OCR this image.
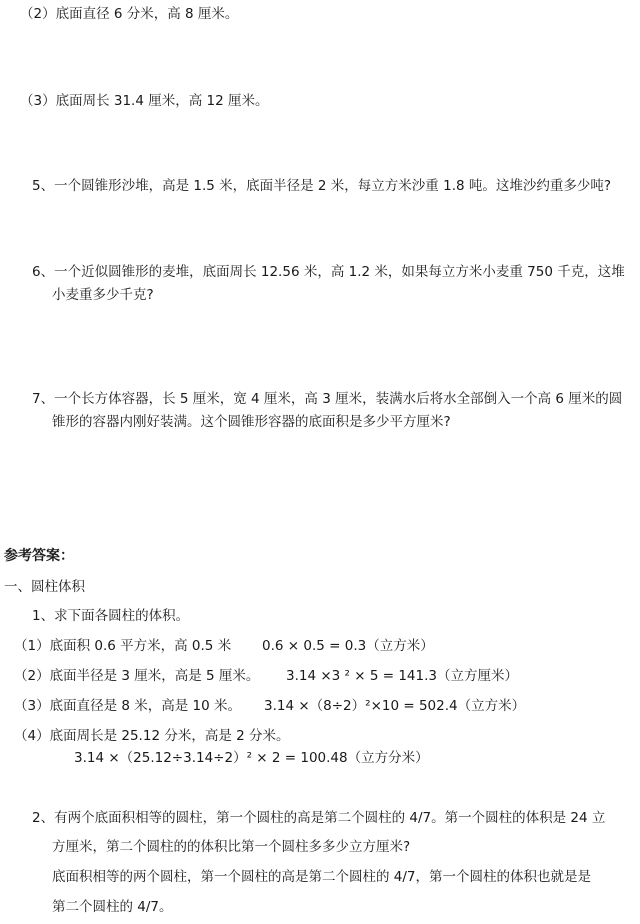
（2）底面直径 6 分米，高 8 厘米。
（3）底面周长 31.4 厘米，高 12 厘米。
5、一个圆锥形沙堆，高是 1.5 米，底面半径是 2 米，每立方米沙重 1.8 吨。这堆沙约重多少吨?
6、一个近似圆锥形的麦堆，底面周长 12.56 米，高 1.2 米，如果每立方米小麦重 750 千克，这堆
小麦重多少千克?
7、一个长方体容器，长 5 厘米，宽 4 厘米，高 3 厘米，装满水后将水全部倒入一个高 6 厘米的圆
锥形的容器内刚好装满。这个圆锥形容器的底面积是多少平方厘米?
参考答案：
一、圆柱体积
1、求下面各圆柱的体积。
（1）底面积 0.6 平方米，高 0.5 米 0.6 × 0.5 = 0.3（立方米）
（2）底面半径是 3 厘米，高是 5 厘米。 3.14 ×3 ² × 5 = 141.3（立方厘米）
（3）底面直径是 8 米，高是 10 米。 3.14 ×（8÷2）²×10 = 502.4（立方米）
（4）底面周长是 25.12 分米，高是 2 分米。
3.14 ×（25.12÷3.14÷2）² × 2 = 100.48（立方分米）
2、有两个底面积相等的圆柱，第一个圆柱的高是第二个圆柱的 4/7。第一个圆柱的体积是 24 立
方厘米，第二个圆柱的的体积比第一个圆柱多多少立方厘米?
底面积相等的两个圆柱，第一个圆柱的高是第二个圆柱的 4/7，第一个圆柱的体积也就是是
第二个圆柱的 4/7。
